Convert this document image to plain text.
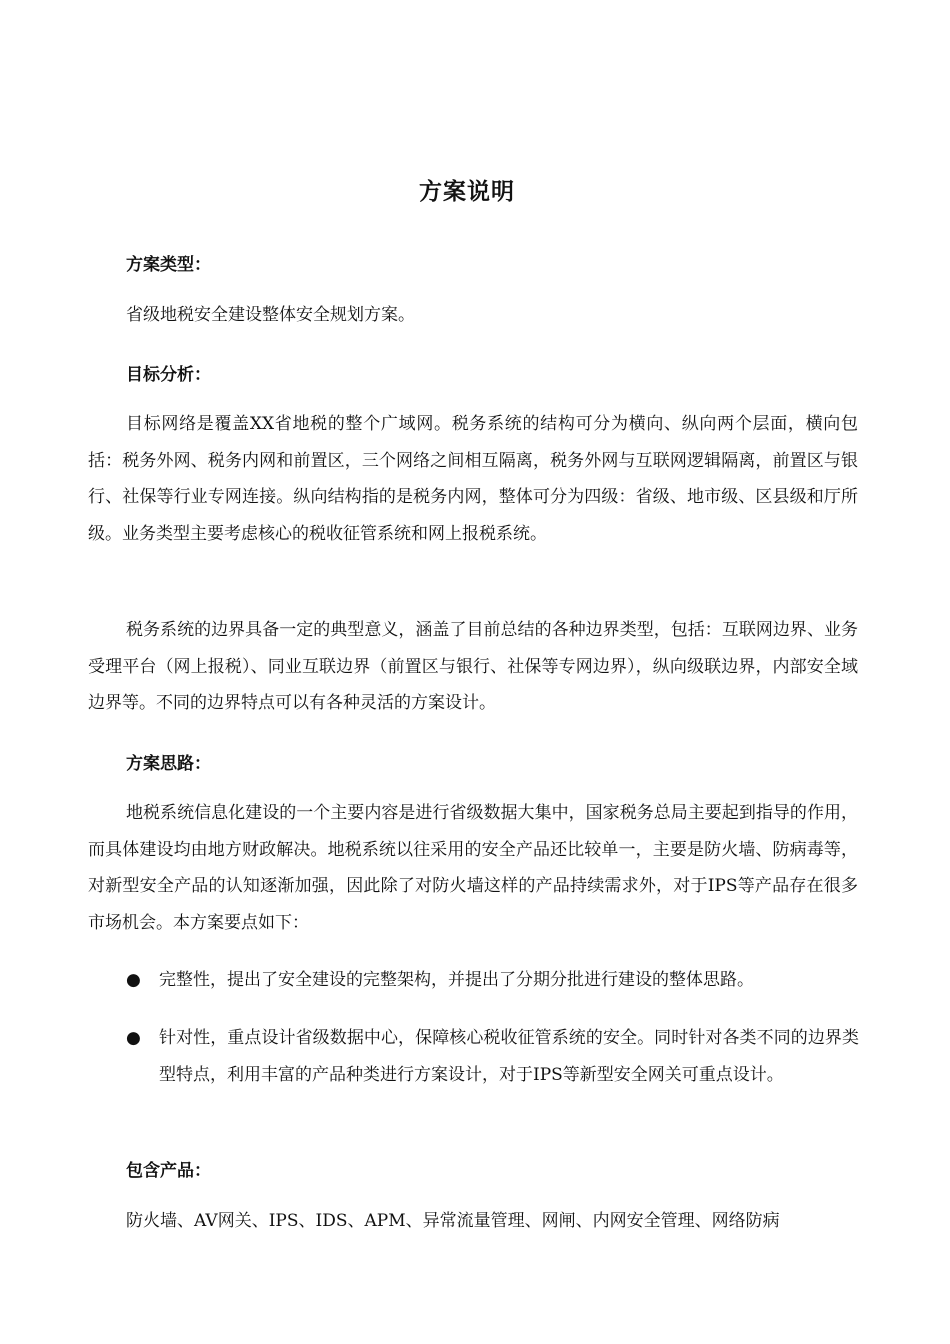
方案说明
方案类型：
省级地税安全建设整体安全规划方案。
目标分析：
目标网络是覆盖XX省地税的整个广域网。税务系统的结构可分为横向、纵向两个层面，横向包括：税务外网、税务内网和前置区，三个网络之间相互隔离，税务外网与互联网逻辑隔离，前置区与银行、社保等行业专网连接。纵向结构指的是税务内网，整体可分为四级：省级、地市级、区县级和厅所级。业务类型主要考虑核心的税收征管系统和网上报税系统。
税务系统的边界具备一定的典型意义，涵盖了目前总结的各种边界类型，包括：互联网边界、业务受理平台（网上报税）、同业互联边界（前置区与银行、社保等专网边界），纵向级联边界，内部安全域边界等。不同的边界特点可以有各种灵活的方案设计。
方案思路：
地税系统信息化建设的一个主要内容是进行省级数据大集中，国家税务总局主要起到指导的作用，而具体建设均由地方财政解决。地税系统以往采用的安全产品还比较单一，主要是防火墙、防病毒等，对新型安全产品的认知逐渐加强，因此除了对防火墙这样的产品持续需求外，对于IPS等产品存在很多市场机会。本方案要点如下：
●	完整性，提出了安全建设的完整架构，并提出了分期分批进行建设的整体思路。
●	针对性，重点设计省级数据中心，保障核心税收征管系统的安全。同时针对各类不同的边界类型特点，利用丰富的产品种类进行方案设计，对于IPS等新型安全网关可重点设计。
包含产品：
防火墙、AV网关、IPS、IDS、APM、异常流量管理、网闸、内网安全管理、网络防病
